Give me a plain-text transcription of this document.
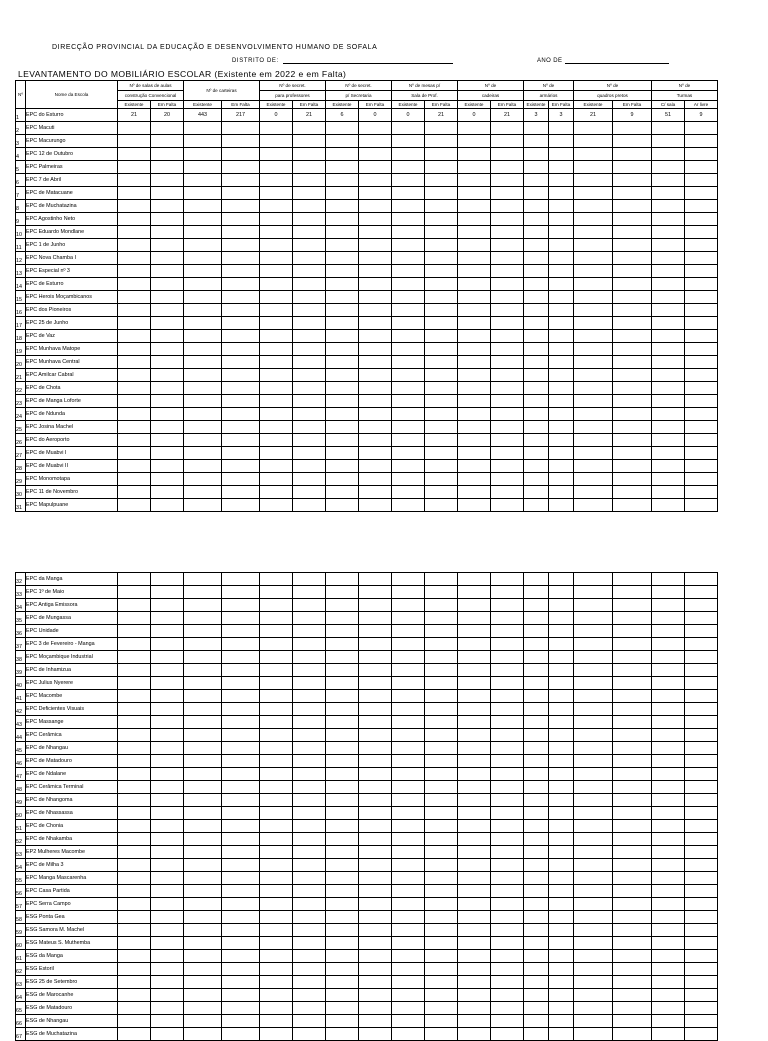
DIRECÇÃO PROVINCIAL DA EDUCAÇÃO E DESENVOLVIMENTO HUMANO DE SOFALA
DISTRITO DE:	ANO DE
LEVANTAMENTO DO MOBILIÁRIO ESCOLAR (Existente em 2022 e em Falta)
Nº	Nome da Escola	Nº de salas de aulas		Nº de carteiras		Nº de secret.		Nº de secret.		Nº de mesas p/		Nº de		Nº de		Nº de		Nº de	
		construção Convencional				para professores		p/ Secretaria		Sala de Prof.		cadeiras		armários		quadros pretos		Turmas	
		Existente	Em Falta	Existente	Em Falta	Existente	Em Falta	Existente	Em Falta	Existente	Em Falta	Existente	Em Falta	Existente	Em Falta	Existente	Em Falta	C/ sala	Ar livre
1	EPC do Esturro	21	20	443	217	0	21	6	0	0	21	0	21	3	3	21	9	51	9
2	EPC Macuti																		
3	EPC Macurungo																		
4	EPC 12 de Outubro																		
5	EPC Palmeiras																		
6	EPC 7 de Abril																		
7	EPC de Matacuane																		
8	EPC de Muchatazina																		
9	EPC Agostinho Neto																		
10	EPC Eduardo Mondlane																		
11	EPC 1 de Junho																		
12	EPC Nova Chamba I																		
13	EPC Especial nº 3																		
14	EPC de Esturro																		
15	EPC Herois Moçambicanos																		
16	EPC dos Pioneiros																		
17	EPC 25 de Junho																		
18	EPC de Vaz																		
19	EPC Munhava Matope																		
20	EPC Munhava Central																		
21	EPC Amilcar Cabral																		
22	EPC de Chota																		
23	EPC de Manga Loforte																		
24	EPC de Ndunda																		
25	EPC Josina Machel																		
26	EPC do Aeroporto																		
27	EPC de Muabvi I																		
28	EPC de Muabvi II																		
29	EPC Monomotapa																		
30	EPC 11 de Novembro																		
31	EPC Mapulpuane																		
32	EPC da Manga																		
33	EPC 1º de Maio																		
34	EPC Antiga Emissora																		
35	EPC de Mungassa																		
36	EPC Unidade																		
37	EPC 3 de Fevereiro - Manga																		
38	EPC Moçambique Industrial																		
39	EPC de Inhamizua																		
40	EPC Julius Nyerere																		
41	EPC Macombe																		
42	EPC Deficientes Visuais																		
43	EPC Massange																		
44	EPC Cerâmica																		
45	EPC de Nhangau																		
46	EPC de Matadouro																		
47	EPC de Ndalane																		
48	EPC Cerâmica Terminal																		
49	EPC de Nhangoma																		
50	EPC de Nhassassa																		
51	EPC de Chonia																		
52	EPC de Nhakamba																		
53	EP2 Mulheres Macombe																		
54	EPC de Milha 3																		
55	EPC Manga Mascarenha																		
56	EPC Casa Partida																		
57	EPC Serra Campo																		
58	ESG Ponta Gea																		
59	ESG Samora M. Machel																		
60	ESG Mateus S. Muthemba																		
61	ESG da Manga																		
62	ESG Estoril																		
63	ESG 25 de Setembro																		
64	ESG de Marocanhe																		
65	ESG de Matadouro																		
66	ESG de Nhangau																		
67	ESG de Muchatazina																		
